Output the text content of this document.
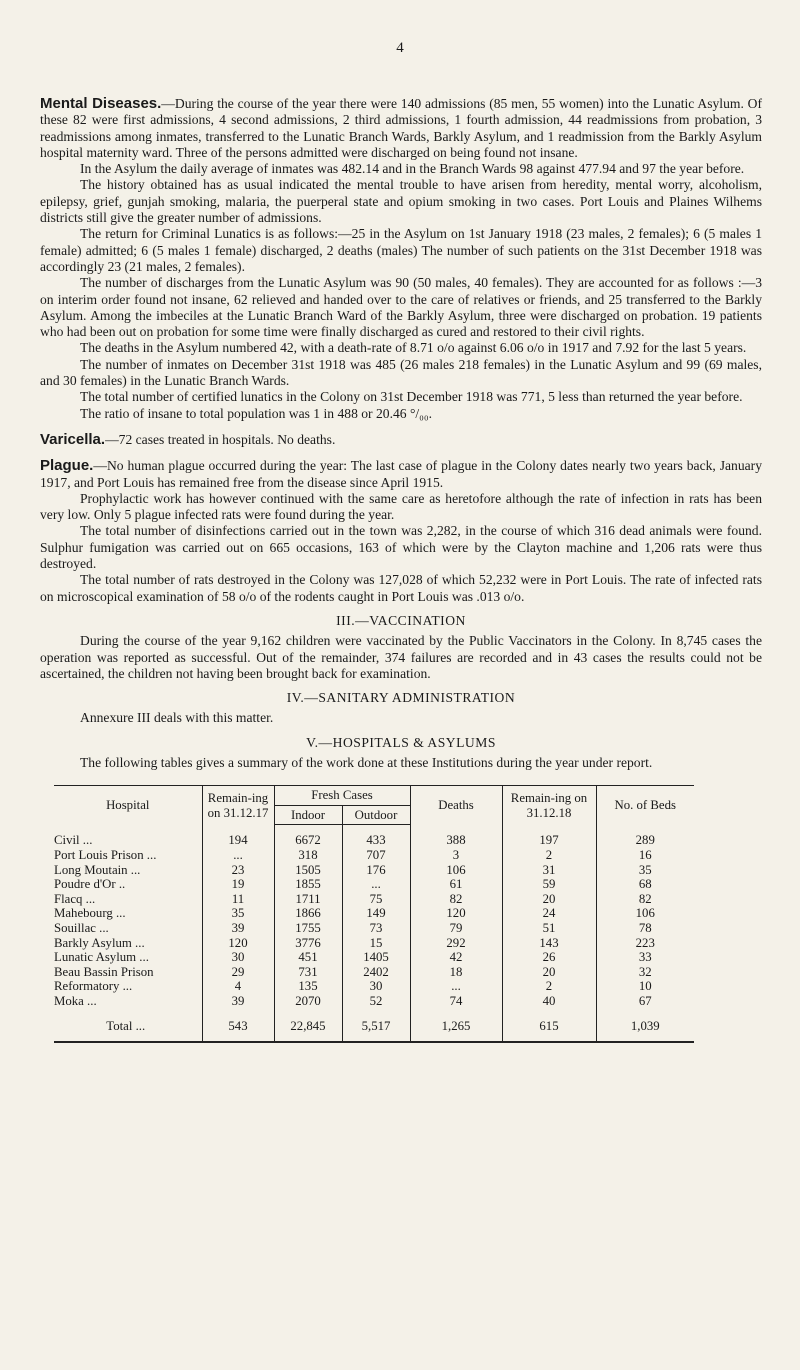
4

Mental Diseases.—During the course of the year there were 140 admissions (85 men, 55 women) into the Lunatic Asylum. Of these 82 were first admissions, 4 second admissions, 2 third admissions, 1 fourth admission, 44 readmissions from probation, 3 readmissions among inmates, transferred to the Lunatic Branch Wards, Barkly Asylum, and 1 readmission from the Barkly Asylum hospital maternity ward. Three of the persons admitted were discharged on being found not insane.

In the Asylum the daily average of inmates was 482.14 and in the Branch Wards 98 against 477.94 and 97 the year before.

The history obtained has as usual indicated the mental trouble to have arisen from heredity, mental worry, alcoholism, epilepsy, grief, gunjah smoking, malaria, the puerperal state and opium smoking in two cases. Port Louis and Plaines Wilhems districts still give the greater number of admissions.

The return for Criminal Lunatics is as follows:—25 in the Asylum on 1st January 1918 (23 males, 2 females); 6 (5 males 1 female) admitted; 6 (5 males 1 female) discharged, 2 deaths (males) The number of such patients on the 31st December 1918 was accordingly 23 (21 males, 2 females).

The number of discharges from the Lunatic Asylum was 90 (50 males, 40 females). They are accounted for as follows :—3 on interim order found not insane, 62 relieved and handed over to the care of relatives or friends, and 25 transferred to the Barkly Asylum. Among the imbeciles at the Lunatic Branch Ward of the Barkly Asylum, three were discharged on probation. 19 patients who had been out on probation for some time were finally discharged as cured and restored to their civil rights.

The deaths in the Asylum numbered 42, with a death-rate of 8.71 o/o against 6.06 o/o in 1917 and 7.92 for the last 5 years.

The number of inmates on December 31st 1918 was 485 (26 males 218 females) in the Lunatic Asylum and 99 (69 males, and 30 females) in the Lunatic Branch Wards.

The total number of certified lunatics in the Colony on 31st December 1918 was 771, 5 less than returned the year before.

The ratio of insane to total population was 1 in 488 or 20.46 °/₀₀.

Varicella.—72 cases treated in hospitals. No deaths.

Plague.—No human plague occurred during the year: The last case of plague in the Colony dates nearly two years back, January 1917, and Port Louis has remained free from the disease since April 1915.

Prophylactic work has however continued with the same care as heretofore although the rate of infection in rats has been very low. Only 5 plague infected rats were found during the year.

The total number of disinfections carried out in the town was 2,282, in the course of which 316 dead animals were found. Sulphur fumigation was carried out on 665 occasions, 163 of which were by the Clayton machine and 1,206 rats were thus destroyed.

The total number of rats destroyed in the Colony was 127,028 of which 52,232 were in Port Louis. The rate of infected rats on microscopical examination of 58 o/o of the rodents caught in Port Louis was .013 o/o.

III.—VACCINATION

During the course of the year 9,162 children were vaccinated by the Public Vaccinators in the Colony. In 8,745 cases the operation was reported as successful. Out of the remainder, 374 failures are recorded and in 43 cases the results could not be ascertained, the children not having been brought back for examination.

IV.—SANITARY ADMINISTRATION

Annexure III deals with this matter.

V.—HOSPITALS & ASYLUMS

The following tables gives a summary of the work done at these Institutions during the year under report.

Hospital	Remain-ing on 31.12.17	Fresh Cases		Deaths	Remain-ing on 31.12.18	No. of Beds
		Indoor	Outdoor			
Civil ...	194	6672	433	388	197	289
Port Louis Prison ...	...	318	707	3	2	16
Long Moutain ...	23	1505	176	106	31	35
Poudre d'Or ..	19	1855	...	61	59	68
Flacq ...	11	1711	75	82	20	82
Mahebourg ...	35	1866	149	120	24	106
Souillac ...	39	1755	73	79	51	78
Barkly Asylum ...	120	3776	15	292	143	223
Lunatic Asylum ...	30	451	1405	42	26	33
Beau Bassin Prison	29	731	2402	18	20	32
Reformatory ...	4	135	30	...	2	10
Moka ...	39	2070	52	74	40	67
Total ...	543	22,845	5,517	1,265	615	1,039
